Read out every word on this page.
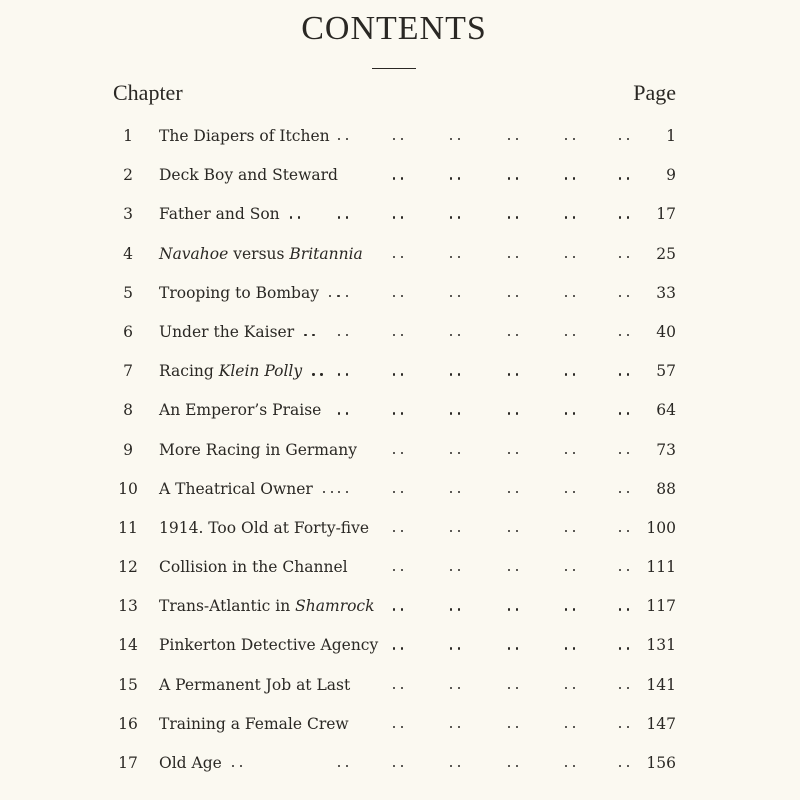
CONTENTS
Chapter	Page
1	The Diapers of Itchen	1
2	Deck Boy and Steward	9
3	Father and Son	17
4	Navahoe versus Britannia	25
5	Trooping to Bombay	33
6	Under the Kaiser	40
7	Racing Klein Polly	57
8	An Emperor’s Praise	64
9	More Racing in Germany	73
10	A Theatrical Owner	88
11	1914. Too Old at Forty-five	100
12	Collision in the Channel	111
13	Trans-Atlantic in Shamrock	117
14	Pinkerton Detective Agency	131
15	A Permanent Job at Last	141
16	Training a Female Crew	147
17	Old Age	156
